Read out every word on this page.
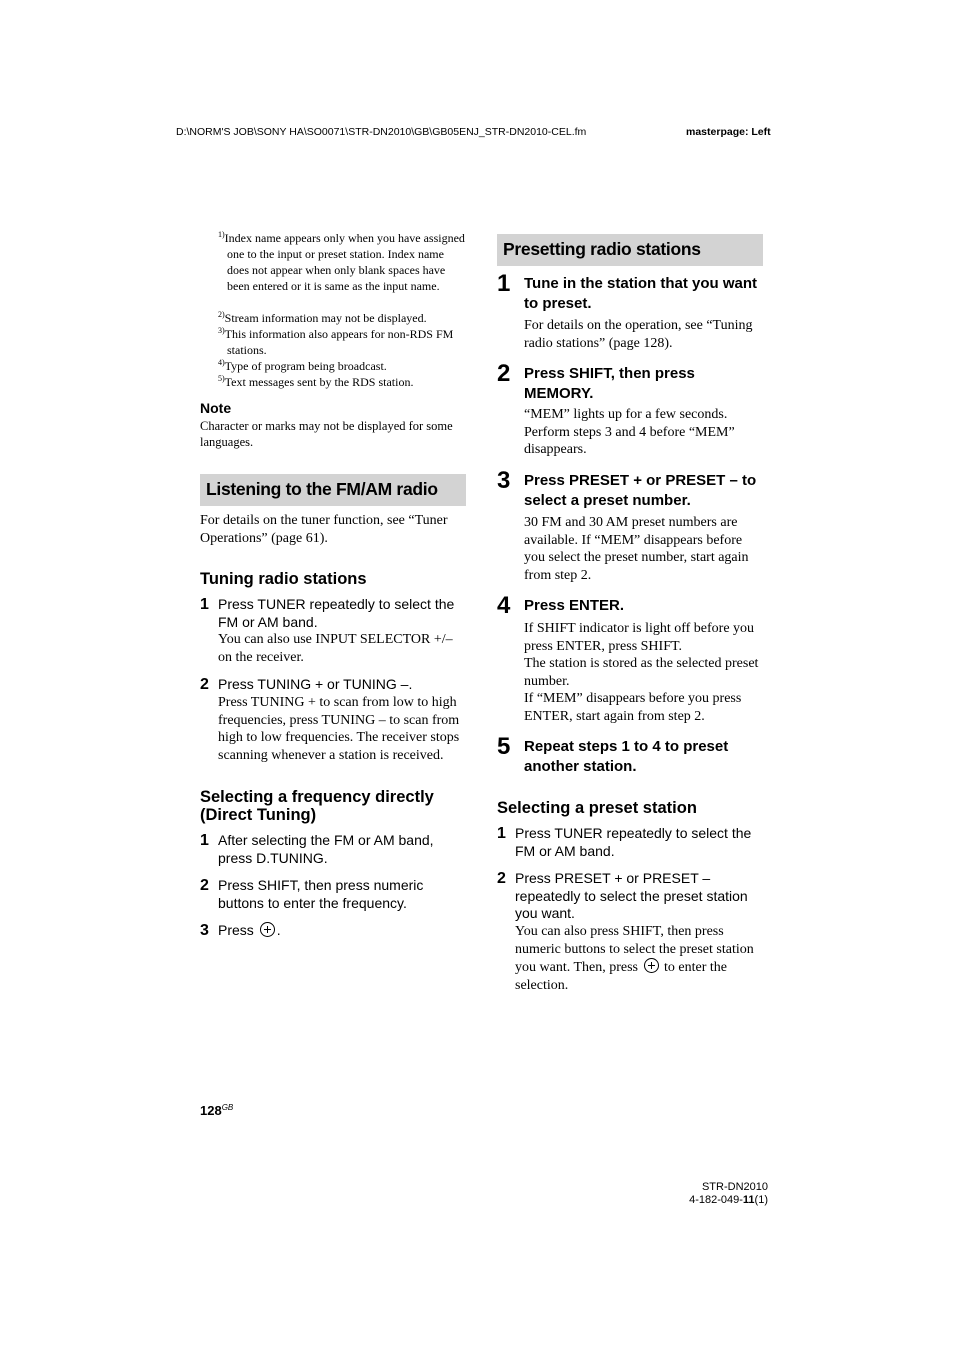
D:\NORM'S JOB\SONY HA\SO0071\STR-DN2010\GB\GB05ENJ_STR-DN2010-CEL.fm	masterpage: Left
$^{1)}$Index name appears only when you have assigned one to the input or preset station. Index name does not appear when only blank spaces have been entered or it is same as the input name.
$^{2)}$Stream information may not be displayed.
$^{3)}$This information also appears for non-RDS FM stations.
$^{4)}$Type of program being broadcast.
$^{5)}$Text messages sent by the RDS station.
Note
Character or marks may not be displayed for some languages.
Listening to the FM/AM radio
For details on the tuner function, see “Tuner Operations” (page 61).
Tuning radio stations
1 Press TUNER repeatedly to select the FM or AM band.
You can also use INPUT SELECTOR +/– on the receiver.
2 Press TUNING + or TUNING –.
Press TUNING + to scan from low to high frequencies, press TUNING – to scan from high to low frequencies. The receiver stops scanning whenever a station is received.
Selecting a frequency directly (Direct Tuning)
1 After selecting the FM or AM band, press D.TUNING.
2 Press SHIFT, then press numeric buttons to enter the frequency.
3 Press .
Presetting radio stations
1 Tune in the station that you want to preset.
For details on the operation, see “Tuning radio stations” (page 128).
2 Press SHIFT, then press MEMORY.
“MEM” lights up for a few seconds. Perform steps 3 and 4 before “MEM” disappears.
3 Press PRESET + or PRESET – to select a preset number.
30 FM and 30 AM preset numbers are available. If “MEM” disappears before you select the preset number, start again from step 2.
4 Press ENTER.
If SHIFT indicator is light off before you press ENTER, press SHIFT.
The station is stored as the selected preset number.
If “MEM” disappears before you press ENTER, start again from step 2.
5 Repeat steps 1 to 4 to preset another station.
Selecting a preset station
1 Press TUNER repeatedly to select the FM or AM band.
2 Press PRESET + or PRESET – repeatedly to select the preset station you want.
You can also press SHIFT, then press numeric buttons to select the preset station you want. Then, press to enter the selection.
$128^{GB}$
STR-DN2010
4-182-049-11(1)
